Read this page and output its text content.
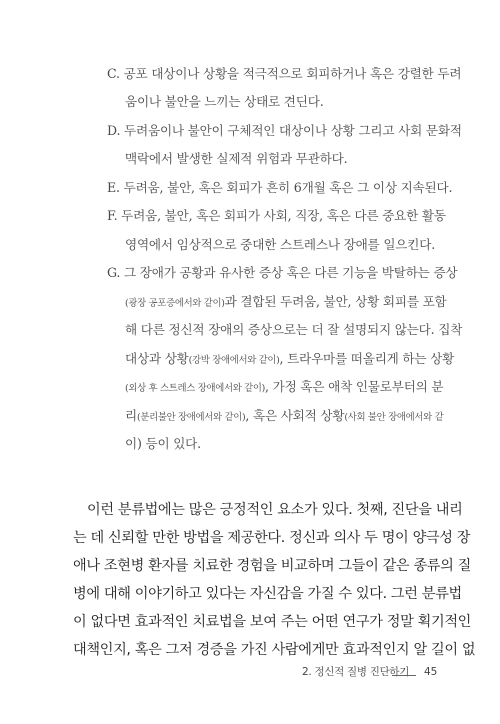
C. 공포 대상이나 상황을 적극적으로 회피하거나 혹은 강렬한 두려
움이나 불안을 느끼는 상태로 견딘다.
D. 두려움이나 불안이 구체적인 대상이나 상황 그리고 사회 문화적
맥락에서 발생한 실제적 위험과 무관하다.
E. 두려움, 불안, 혹은 회피가 흔히 6개월 혹은 그 이상 지속된다.
F. 두려움, 불안, 혹은 회피가 사회, 직장, 혹은 다른 중요한 활동
영역에서 임상적으로 중대한 스트레스나 장애를 일으킨다.
G. 그 장애가 공황과 유사한 증상 혹은 다른 기능을 박탈하는 증상
(광장 공포증에서와 같이)과 결합된 두려움, 불안, 상황 회피를 포함
해 다른 정신적 장애의 증상으로는 더 잘 설명되지 않는다. 집착
대상과 상황(강박 장애에서와 같이), 트라우마를 떠올리게 하는 상황
(외상 후 스트레스 장애에서와 같이), 가정 혹은 애착 인물로부터의 분
리(분리불안 장애에서와 같이), 혹은 사회적 상황(사회 불안 장애에서와 같
이) 등이 있다.
이런 분류법에는 많은 긍정적인 요소가 있다. 첫째, 진단을 내리
는 데 신뢰할 만한 방법을 제공한다. 정신과 의사 두 명이 양극성 장
애나 조현병 환자를 치료한 경험을 비교하며 그들이 같은 종류의 질
병에 대해 이야기하고 있다는 자신감을 가질 수 있다. 그런 분류법
이 없다면 효과적인 치료법을 보여 주는 어떤 연구가 정말 획기적인
대책인지, 혹은 그저 경증을 가진 사람에게만 효과적인지 알 길이 없
2. 정신적 질병 진단하기 45
